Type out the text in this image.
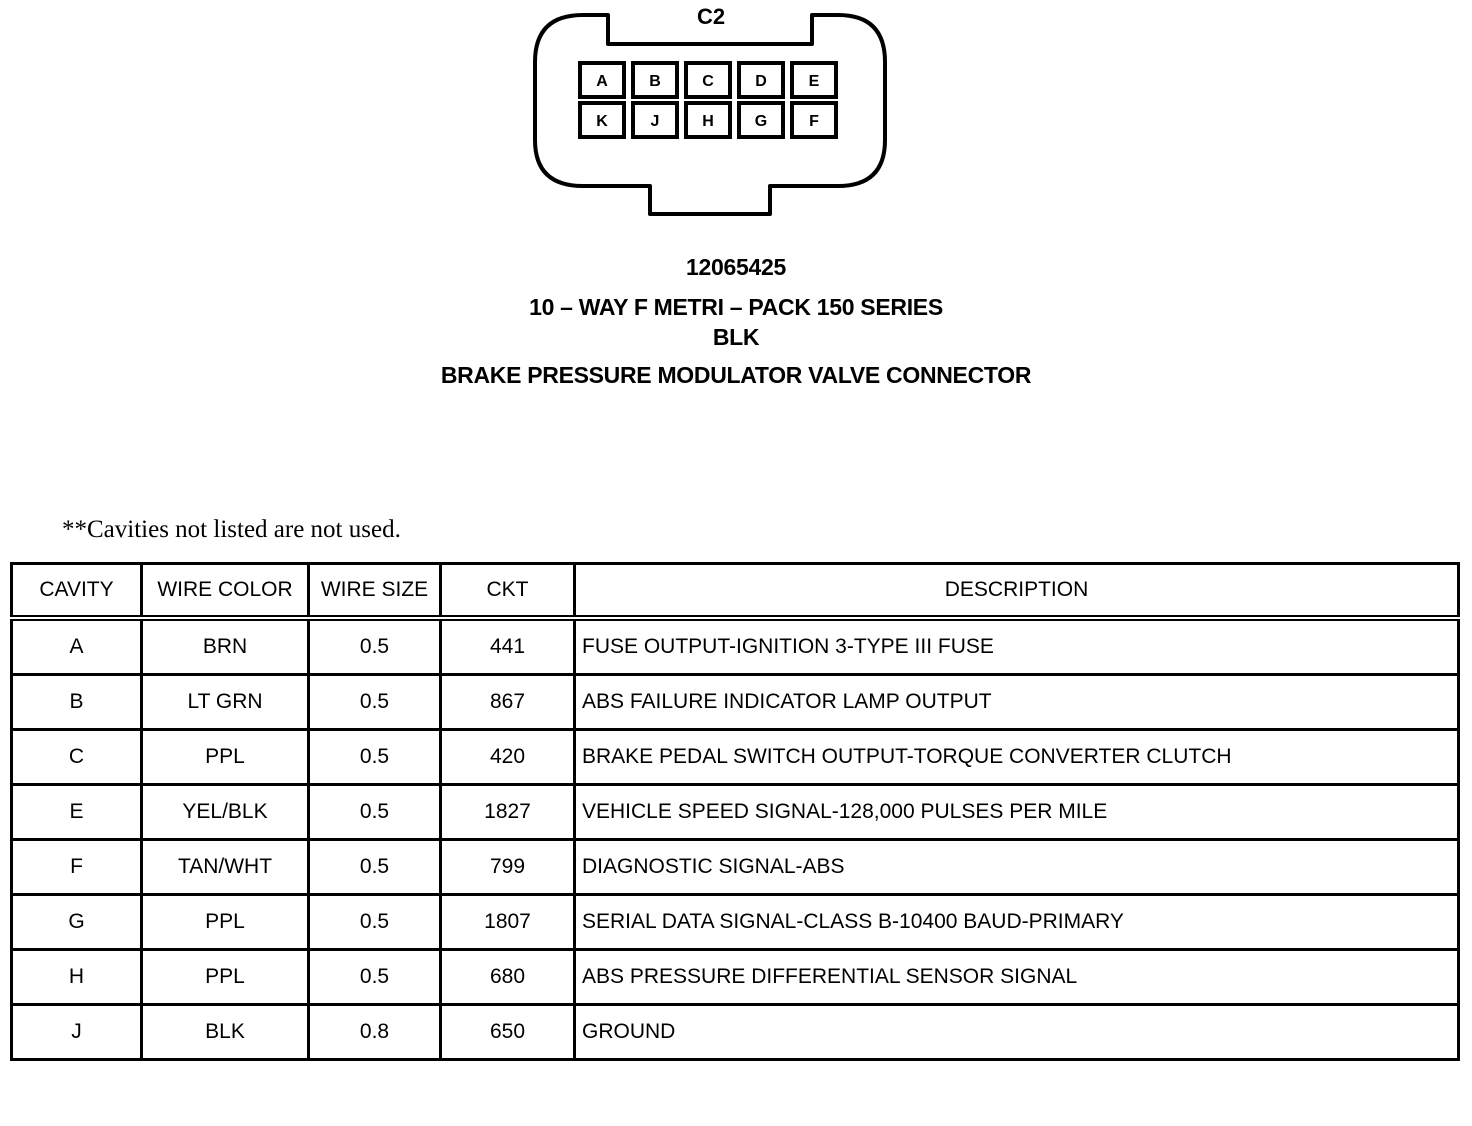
C2
A	B	C	D	E
K	J	H	G	F
12065425
10 – WAY F METRI – PACK 150 SERIES
BLK
BRAKE PRESSURE MODULATOR VALVE CONNECTOR
**Cavities not listed are not used.
CAVITY	WIRE COLOR	WIRE SIZE	CKT	DESCRIPTION
A	BRN	0.5	441	FUSE OUTPUT-IGNITION 3-TYPE III FUSE
B	LT GRN	0.5	867	ABS FAILURE INDICATOR LAMP OUTPUT
C	PPL	0.5	420	BRAKE PEDAL SWITCH OUTPUT-TORQUE CONVERTER CLUTCH
E	YEL/BLK	0.5	1827	VEHICLE SPEED SIGNAL-128,000 PULSES PER MILE
F	TAN/WHT	0.5	799	DIAGNOSTIC SIGNAL-ABS
G	PPL	0.5	1807	SERIAL DATA SIGNAL-CLASS B-10400 BAUD-PRIMARY
H	PPL	0.5	680	ABS PRESSURE DIFFERENTIAL SENSOR SIGNAL
J	BLK	0.8	650	GROUND
